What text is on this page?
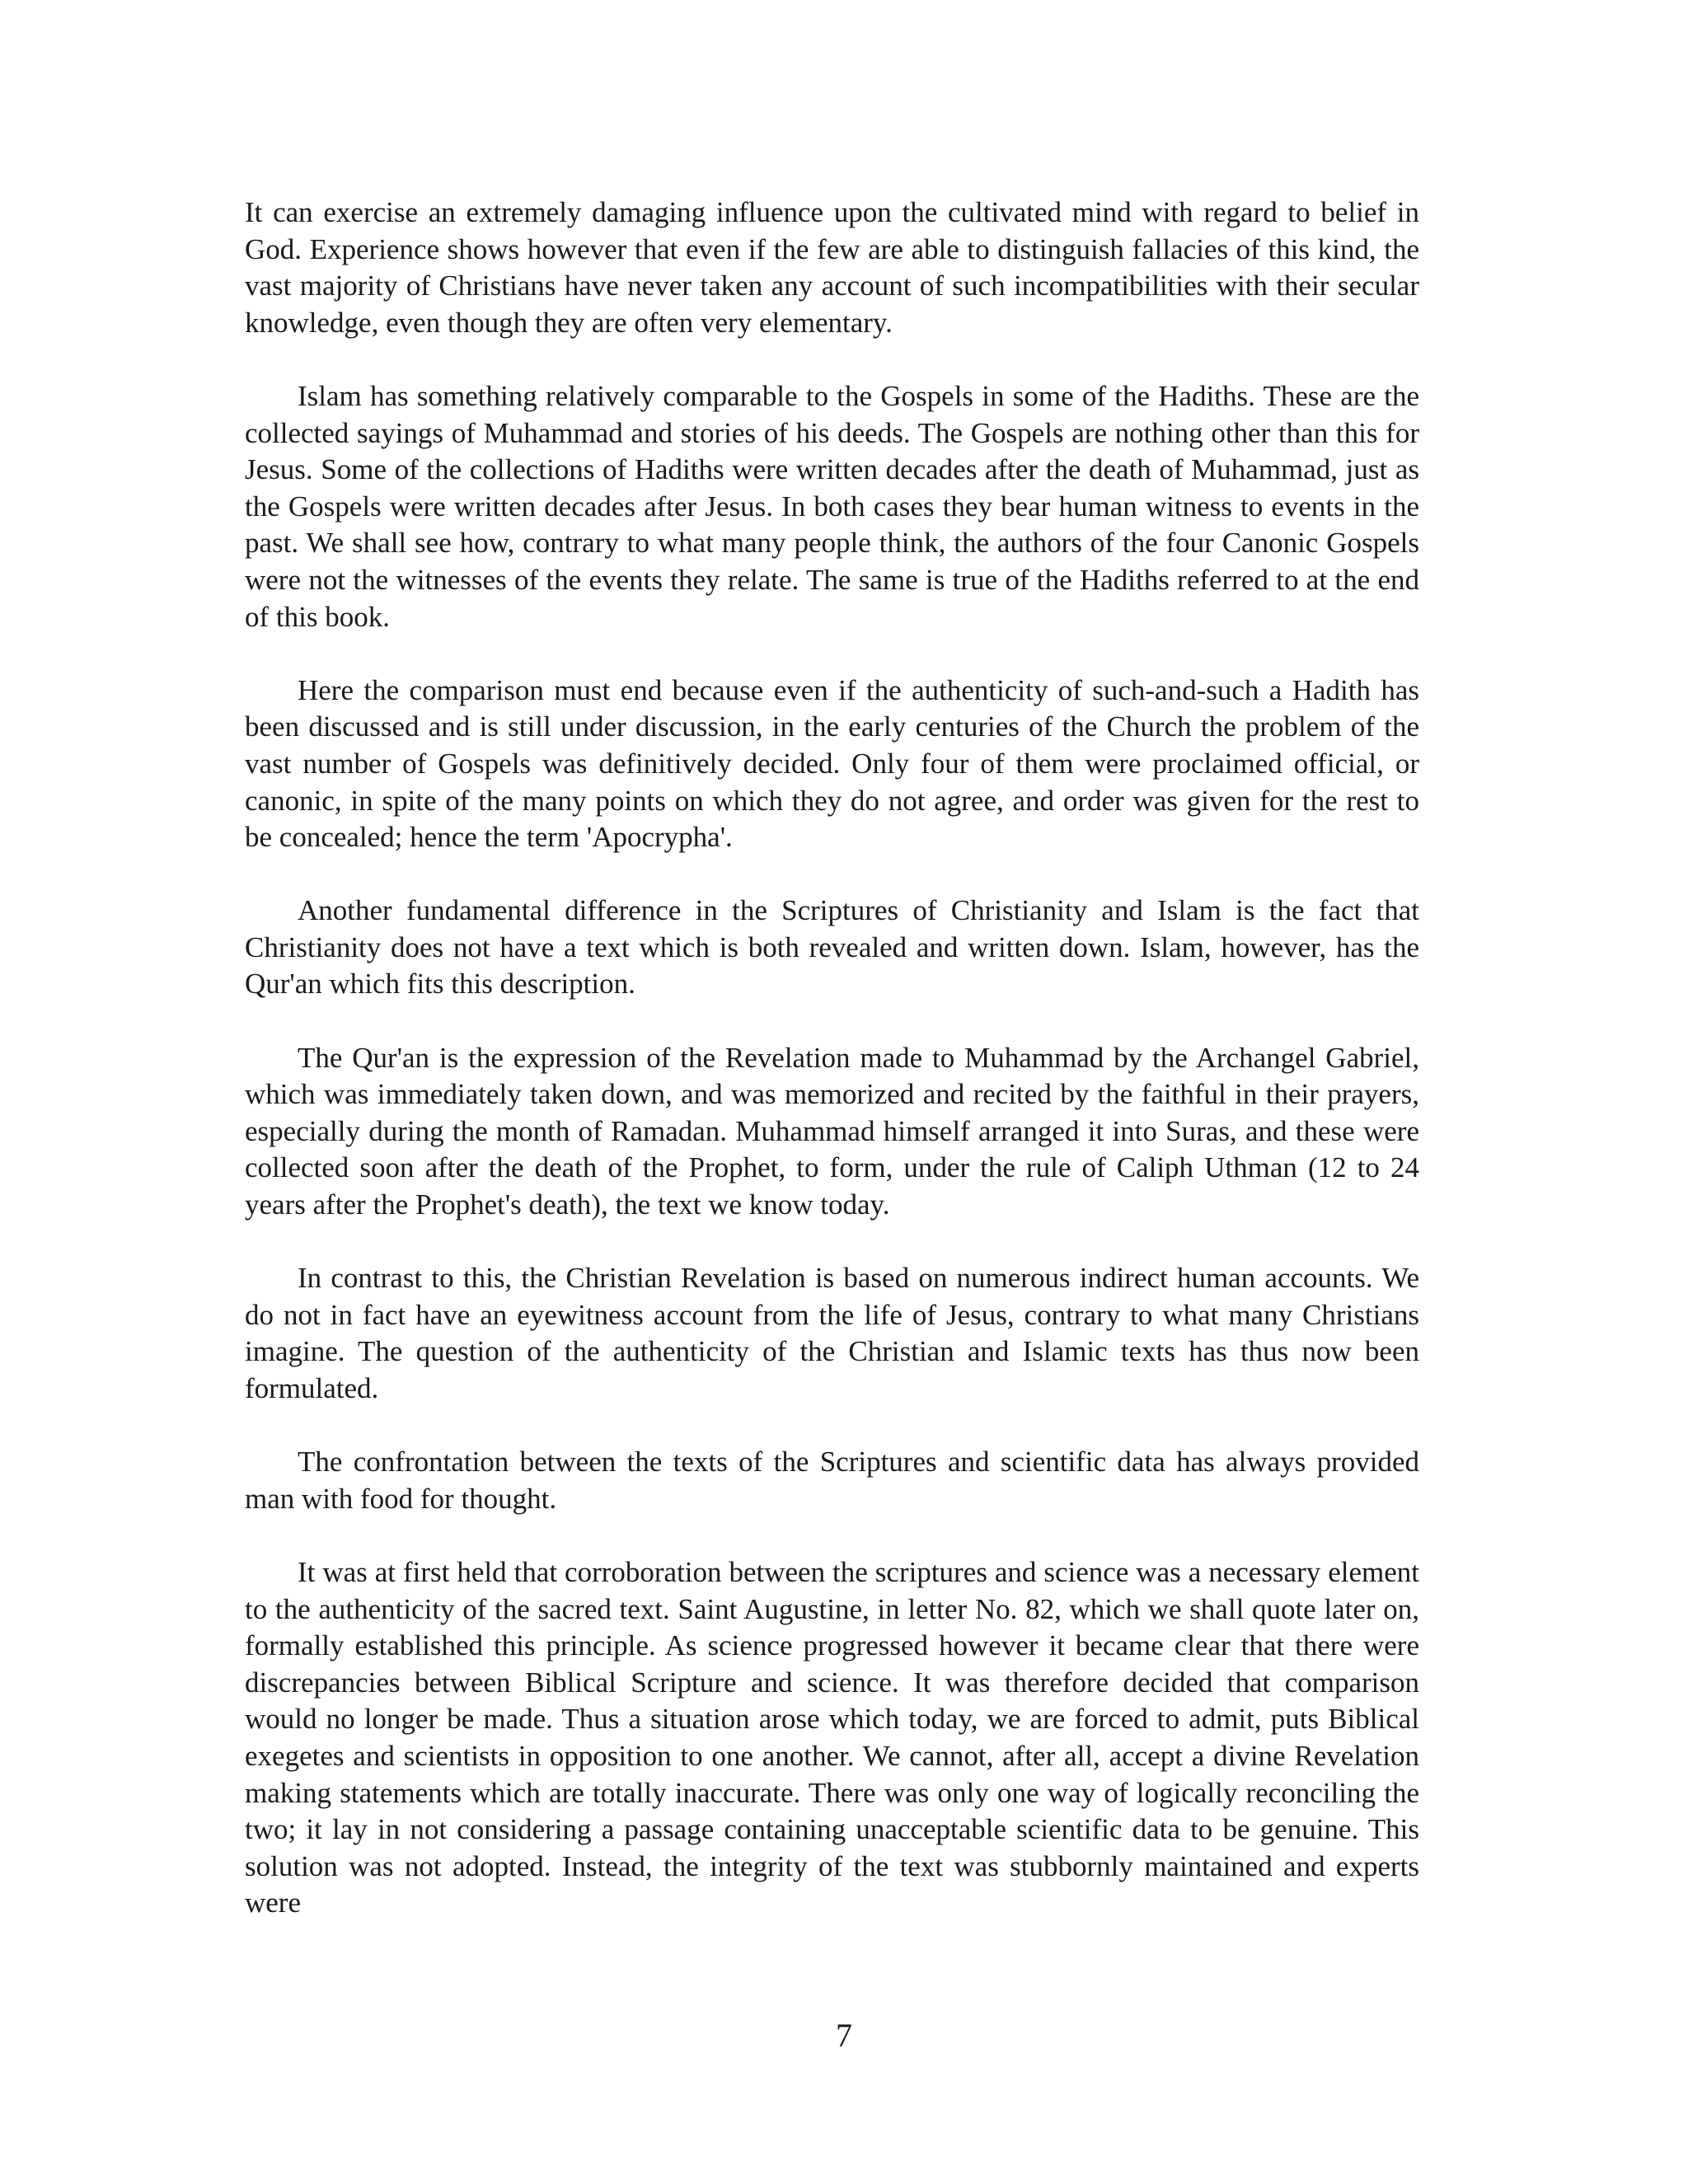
It can exercise an extremely damaging influence upon the cultivated mind with regard to belief in God. Experience shows however that even if the few are able to distinguish fallacies of this kind, the vast majority of Christians have never taken any account of such incompatibilities with their secular knowledge, even though they are often very elementary.

Islam has something relatively comparable to the Gospels in some of the Hadiths. These are the collected sayings of Muhammad and stories of his deeds. The Gospels are nothing other than this for Jesus. Some of the collections of Hadiths were written decades after the death of Muhammad, just as the Gospels were written decades after Jesus. In both cases they bear human witness to events in the past. We shall see how, contrary to what many people think, the authors of the four Canonic Gospels were not the witnesses of the events they relate. The same is true of the Hadiths referred to at the end of this book.

Here the comparison must end because even if the authenticity of such-and-such a Hadith has been discussed and is still under discussion, in the early centuries of the Church the problem of the vast number of Gospels was definitively decided. Only four of them were proclaimed official, or canonic, in spite of the many points on which they do not agree, and order was given for the rest to be concealed; hence the term 'Apocrypha'.

Another fundamental difference in the Scriptures of Christianity and Islam is the fact that Christianity does not have a text which is both revealed and written down. Islam, however, has the Qur'an which fits this description.

The Qur'an is the expression of the Revelation made to Muhammad by the Archangel Gabriel, which was immediately taken down, and was memorized and recited by the faithful in their prayers, especially during the month of Ramadan. Muhammad himself arranged it into Suras, and these were collected soon after the death of the Prophet, to form, under the rule of Caliph Uthman (12 to 24 years after the Prophet's death), the text we know today.

In contrast to this, the Christian Revelation is based on numerous indirect human accounts. We do not in fact have an eyewitness account from the life of Jesus, contrary to what many Christians imagine. The question of the authenticity of the Christian and Islamic texts has thus now been formulated.

The confrontation between the texts of the Scriptures and scientific data has always provided man with food for thought.

It was at first held that corroboration between the scriptures and science was a necessary element to the authenticity of the sacred text. Saint Augustine, in letter No. 82, which we shall quote later on, formally established this principle. As science progressed however it became clear that there were discrepancies between Biblical Scripture and science. It was therefore decided that comparison would no longer be made. Thus a situation arose which today, we are forced to admit, puts Biblical exegetes and scientists in opposition to one another. We cannot, after all, accept a divine Revelation making statements which are totally inaccurate. There was only one way of logically reconciling the two; it lay in not considering a passage containing unacceptable scientific data to be genuine. This solution was not adopted. Instead, the integrity of the text was stubbornly maintained and experts were

7
